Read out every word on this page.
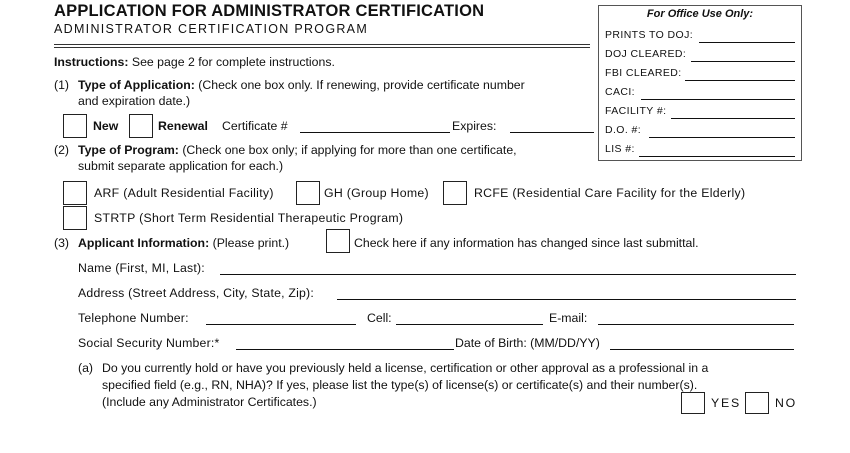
APPLICATION FOR ADMINISTRATOR CERTIFICATION
ADMINISTRATOR CERTIFICATION PROGRAM
For Office Use Only:
PRINTS TO DOJ:
DOJ CLEARED:
FBI CLEARED:
CACI:
FACILITY #:
D.O. #:
LIS #:
Instructions: See page 2 for complete instructions.
(1) Type of Application: (Check one box only. If renewing, provide certificate number
and expiration date.)
New	Renewal Certificate #	Expires:
(2) Type of Program: (Check one box only; if applying for more than one certificate,
submit separate application for each.)
ARF (Adult Residential Facility)	GH (Group Home)	RCFE (Residential Care Facility for the Elderly)
STRTP (Short Term Residential Therapeutic Program)
(3) Applicant Information: (Please print.)	Check here if any information has changed since last submittal.
Name (First, MI, Last):
Address (Street Address, City, State, Zip):
Telephone Number:	Cell:	E-mail:
Social Security Number:*	Date of Birth: (MM/DD/YY)
(a) Do you currently hold or have you previously held a license, certification or other approval as a professional in a
specified field (e.g., RN, NHA)? If yes, please list the type(s) of license(s) or certificate(s) and their number(s).
(Include any Administrator Certificates.)	YES	NO
